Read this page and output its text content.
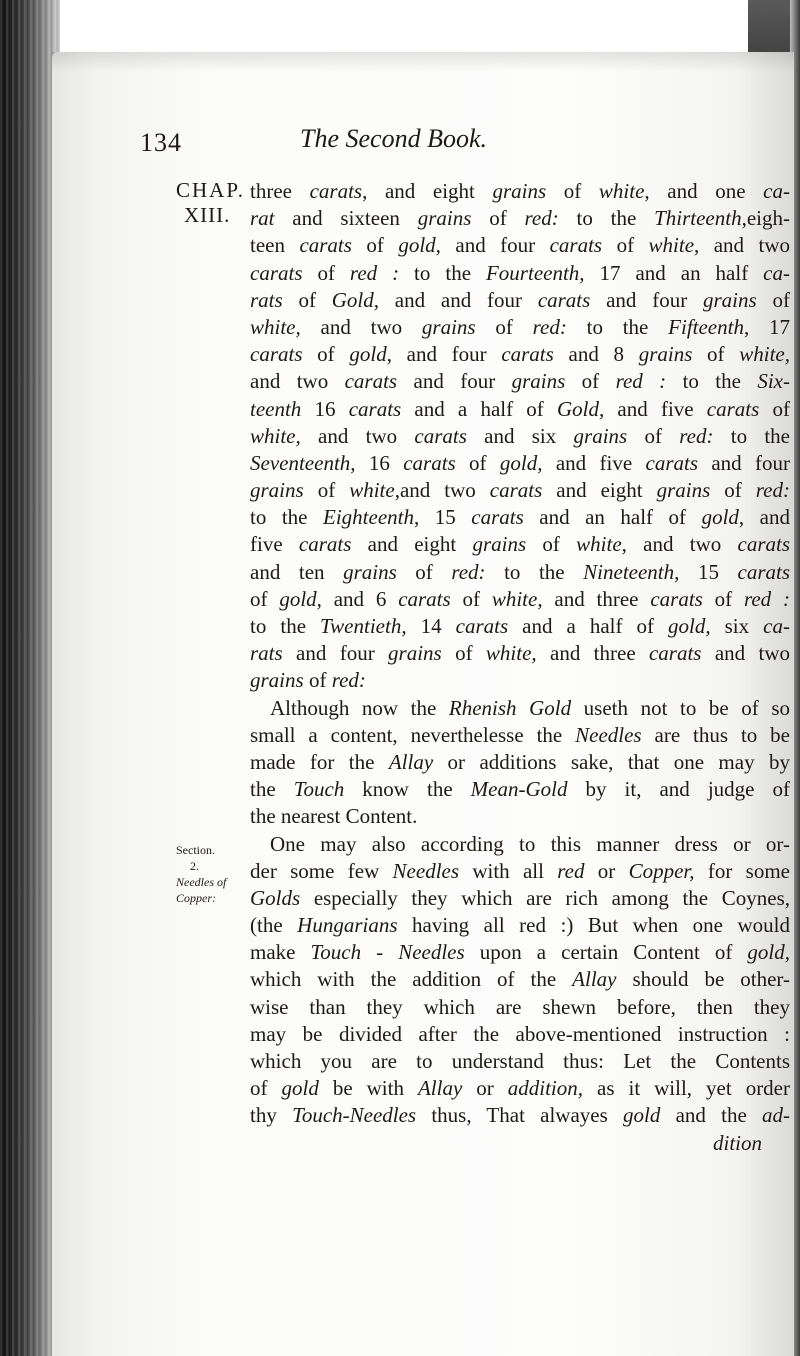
134	The Second Book.
CHAP.
XIII.
Section.
2.
Needles of
Copper:
three carats, and eight grains of white, and one ca-
rat and sixteen grains of red: to the Thirteenth,eigh-
teen carats of gold, and four carats of white, and two
carats of red : to the Fourteenth, 17 and an half ca-
rats of Gold, and and four carats and four grains of
white, and two grains of red: to the Fifteenth, 17
carats of gold, and four carats and 8 grains of white,
and two carats and four grains of red : to the Six-
teenth 16 carats and a half of Gold, and five carats of
white, and two carats and six grains of red: to the
Seventeenth, 16 carats of gold, and five carats and four
grains of white,and two carats and eight grains of red:
to the Eighteenth, 15 carats and an half of gold, and
five carats and eight grains of white, and two carats
and ten grains of red: to the Nineteenth, 15 carats
of gold, and 6 carats of white, and three carats of red :
to the Twentieth, 14 carats and a half of gold, six ca-
rats and four grains of white, and three carats and two
grains of red:
Although now the Rhenish Gold useth not to be of so
small a content, neverthelesse the Needles are thus to be
made for the Allay or additions sake, that one may by
the Touch know the Mean-Gold by it, and judge of
the nearest Content.
One may also according to this manner dress or or-
der some few Needles with all red or Copper, for some
Golds especially they which are rich among the Coynes,
(the Hungarians having all red :) But when one would
make Touch - Needles upon a certain Content of gold,
which with the addition of the Allay should be other-
wise than they which are shewn before, then they
may be divided after the above-mentioned instruction :
which you are to understand thus: Let the Contents
of gold be with Allay or addition, as it will, yet order
thy Touch-Needles thus, That alwayes gold and the ad-
dition
